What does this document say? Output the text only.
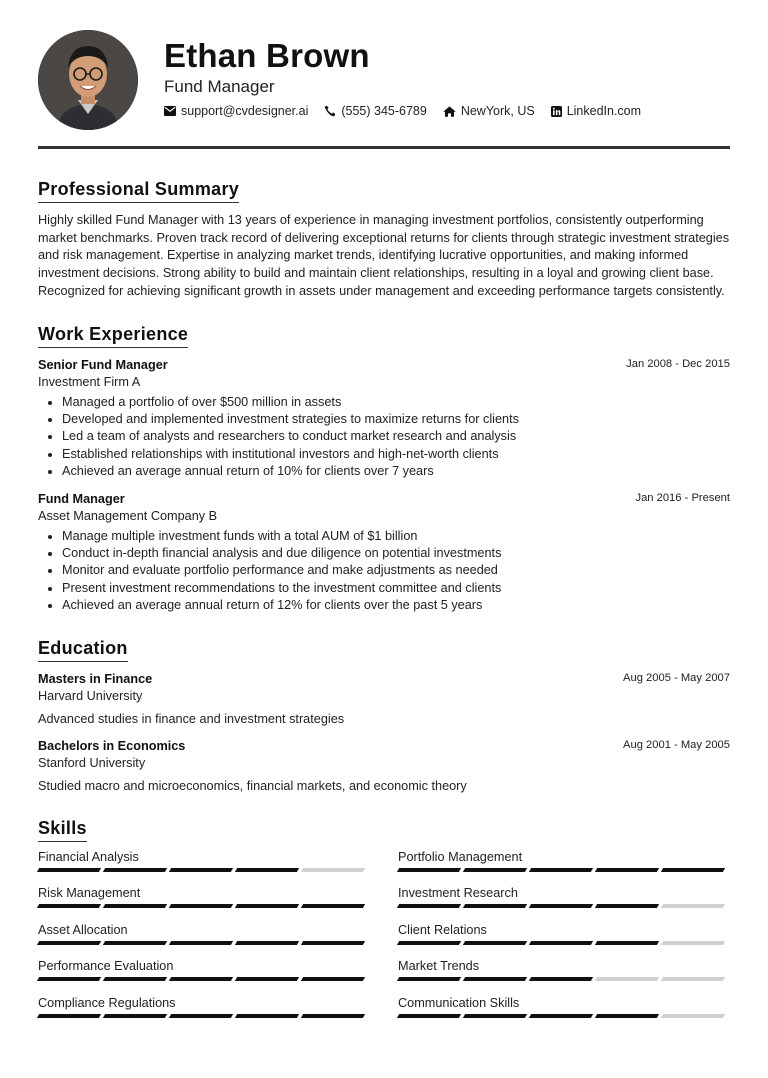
Ethan Brown
Fund Manager
support@cvdesigner.ai	(555) 345-6789	NewYork, US	LinkedIn.com
Professional Summary

Highly skilled Fund Manager with 13 years of experience in managing investment portfolios, consistently outperforming market benchmarks. Proven track record of delivering exceptional returns for clients through strategic investment strategies and risk management. Expertise in analyzing market trends, identifying lucrative opportunities, and making informed investment decisions. Strong ability to build and maintain client relationships, resulting in a loyal and growing client base. Recognized for achieving significant growth in assets under management and exceeding performance targets consistently.

Work Experience
Senior Fund Manager
Investment Firm A
Jan 2008 - Dec 2015
• Managed a portfolio of over $500 million in assets
• Developed and implemented investment strategies to maximize returns for clients
• Led a team of analysts and researchers to conduct market research and analysis
• Established relationships with institutional investors and high-net-worth clients
• Achieved an average annual return of 10% for clients over 7 years
Fund Manager
Asset Management Company B
Jan 2016 - Present
• Manage multiple investment funds with a total AUM of $1 billion
• Conduct in-depth financial analysis and due diligence on potential investments
• Monitor and evaluate portfolio performance and make adjustments as needed
• Present investment recommendations to the investment committee and clients
• Achieved an average annual return of 12% for clients over the past 5 years
Education
Masters in Finance
Harvard University
Aug 2005 - May 2007
Advanced studies in finance and investment strategies
Bachelors in Economics
Stanford University
Aug 2001 - May 2005
Studied macro and microeconomics, financial markets, and economic theory
Skills
Financial Analysis	Portfolio Management
Risk Management	Investment Research
Asset Allocation	Client Relations
Performance Evaluation	Market Trends
Compliance Regulations	Communication Skills
